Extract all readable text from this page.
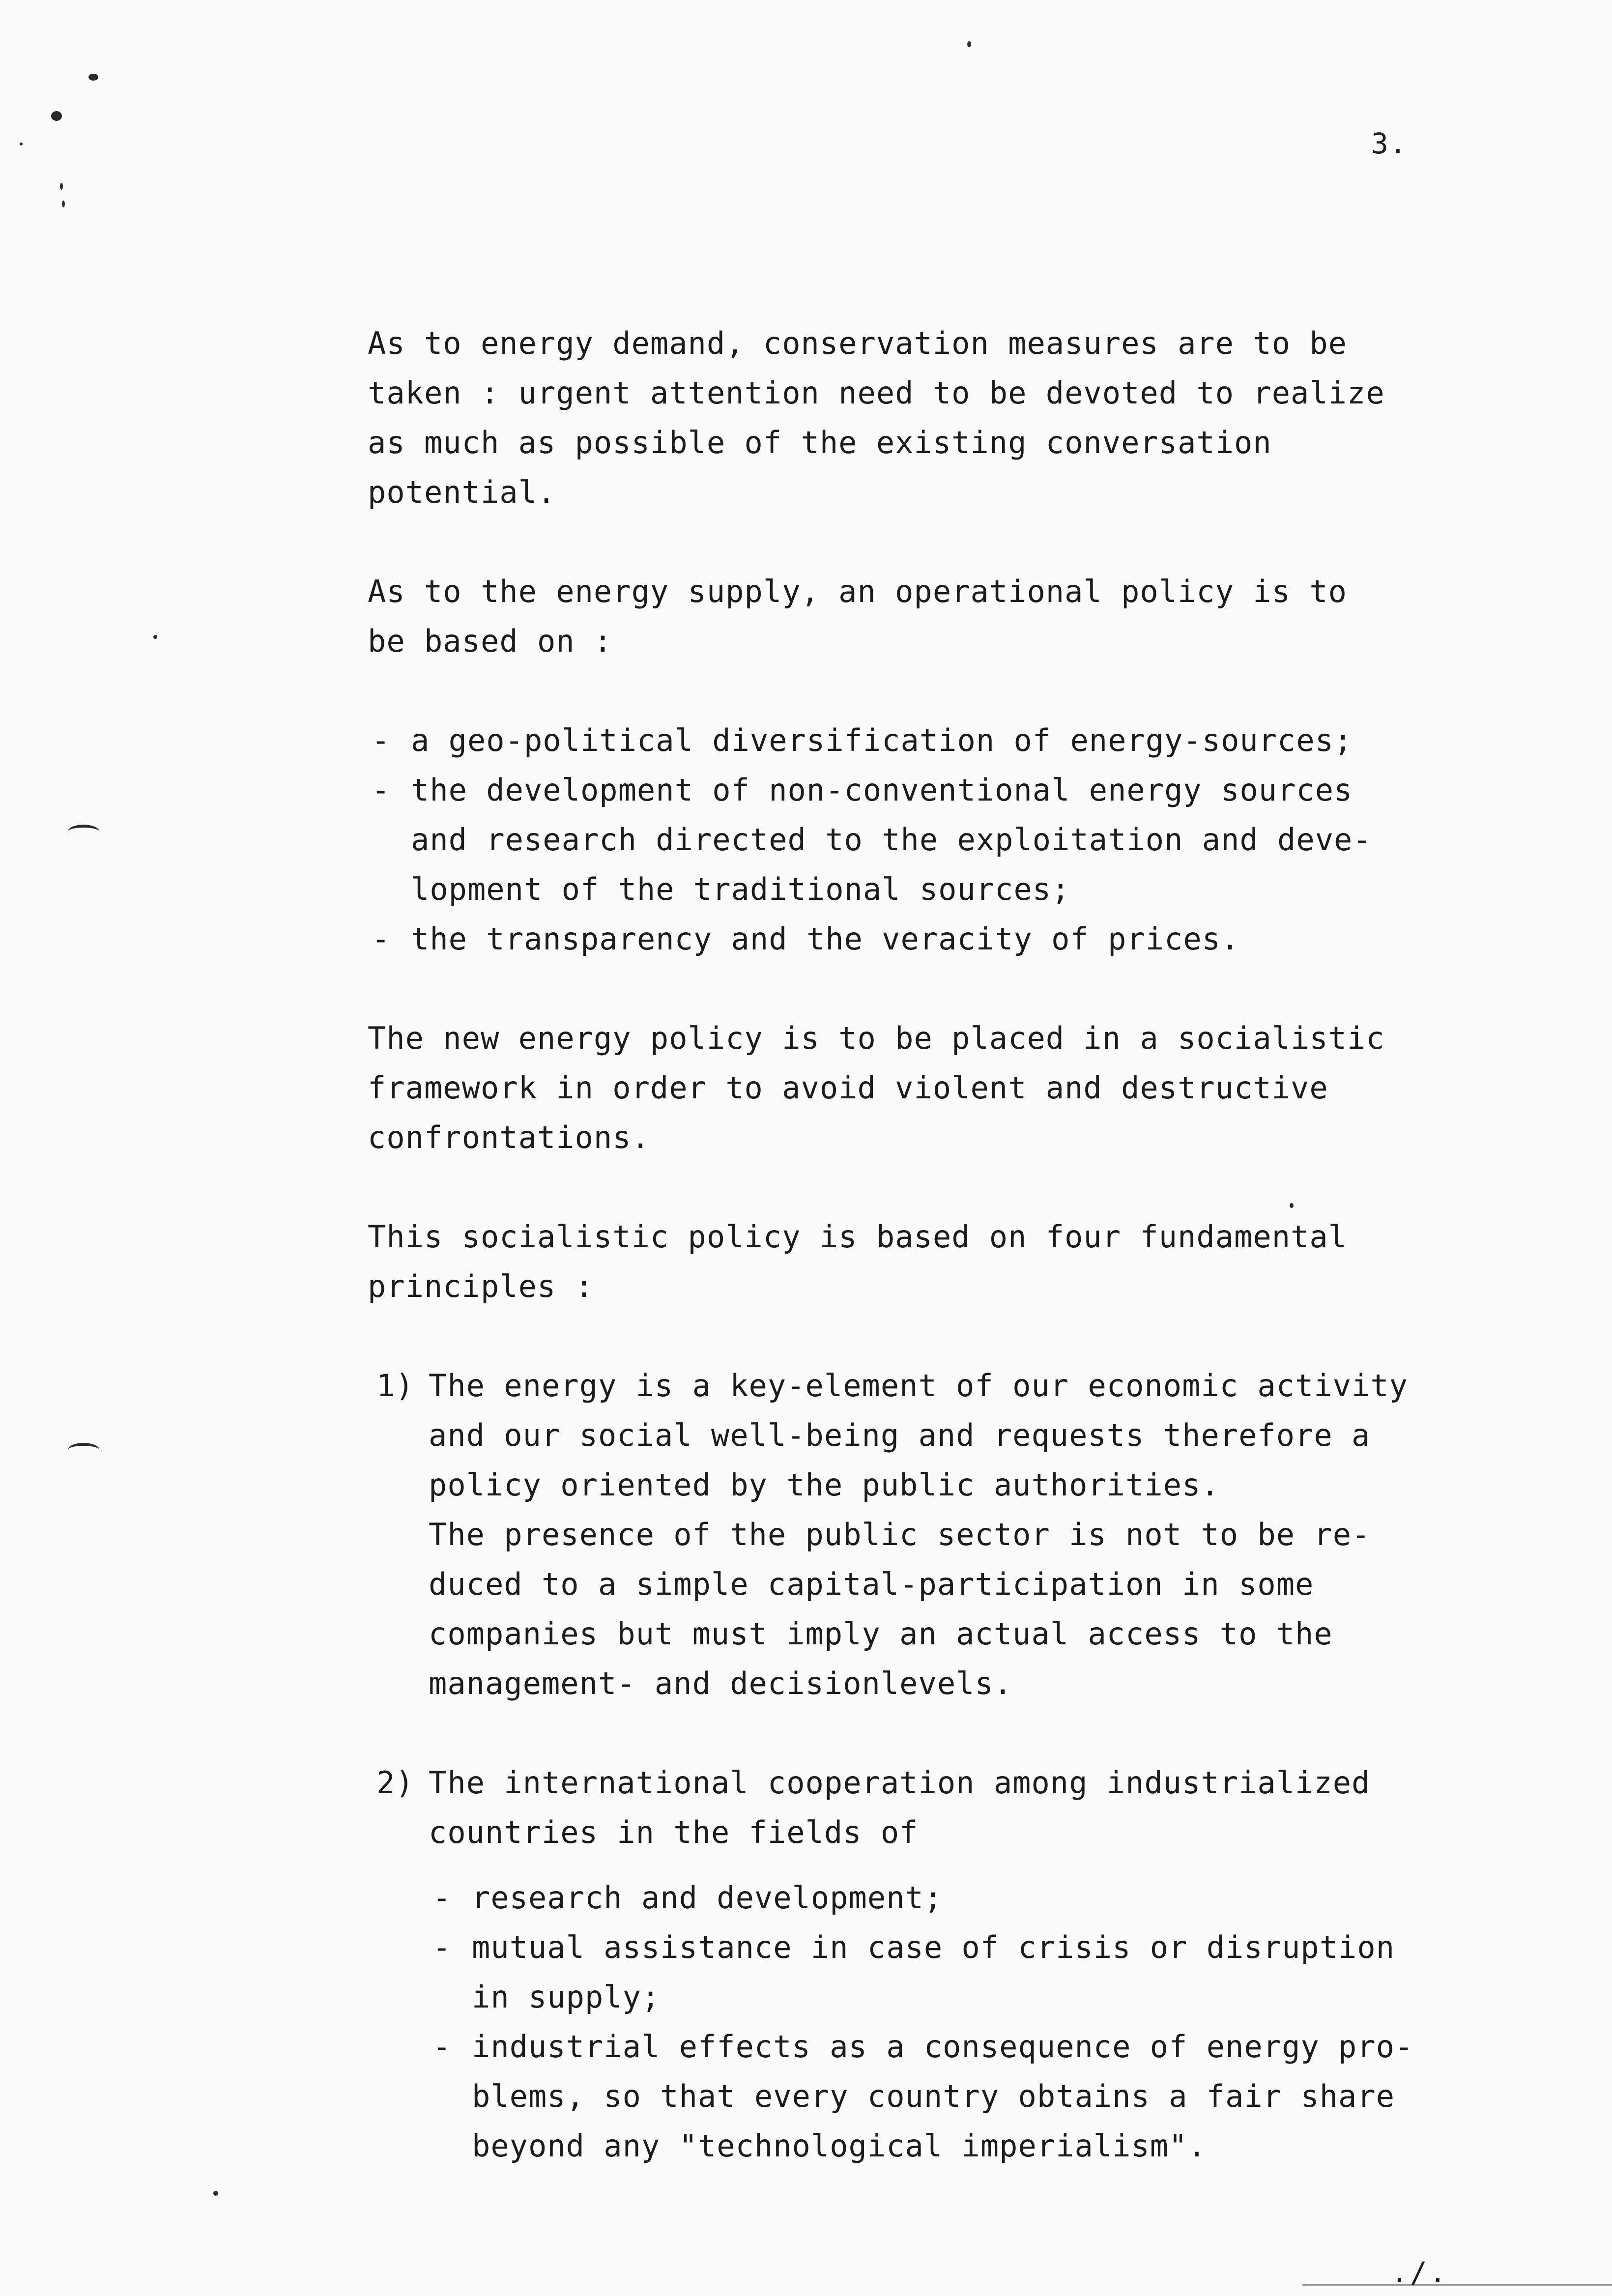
3.

As to energy demand, conservation measures are to be
taken : urgent attention need to be devoted to realize
as much as possible of the existing conversation
potential.

As to the energy supply, an operational policy is to
be based on :

- a geo-political diversification of energy-sources;
- the development of non-conventional energy sources
and research directed to the exploitation and deve-
lopment of the traditional sources;
- the transparency and the veracity of prices.

The new energy policy is to be placed in a socialistic
framework in order to avoid violent and destructive
confrontations.

This socialistic policy is based on four fundamental
principles :

1) The energy is a key-element of our economic activity
and our social well-being and requests therefore a
policy oriented by the public authorities.
The presence of the public sector is not to be re-
duced to a simple capital-participation in some
companies but must imply an actual access to the
management- and decisionlevels.

2) The international cooperation among industrialized
countries in the fields of

- research and development;
- mutual assistance in case of crisis or disruption
in supply;
- industrial effects as a consequence of energy pro-
blems, so that every country obtains a fair share
beyond any "technological imperialism".
./.
